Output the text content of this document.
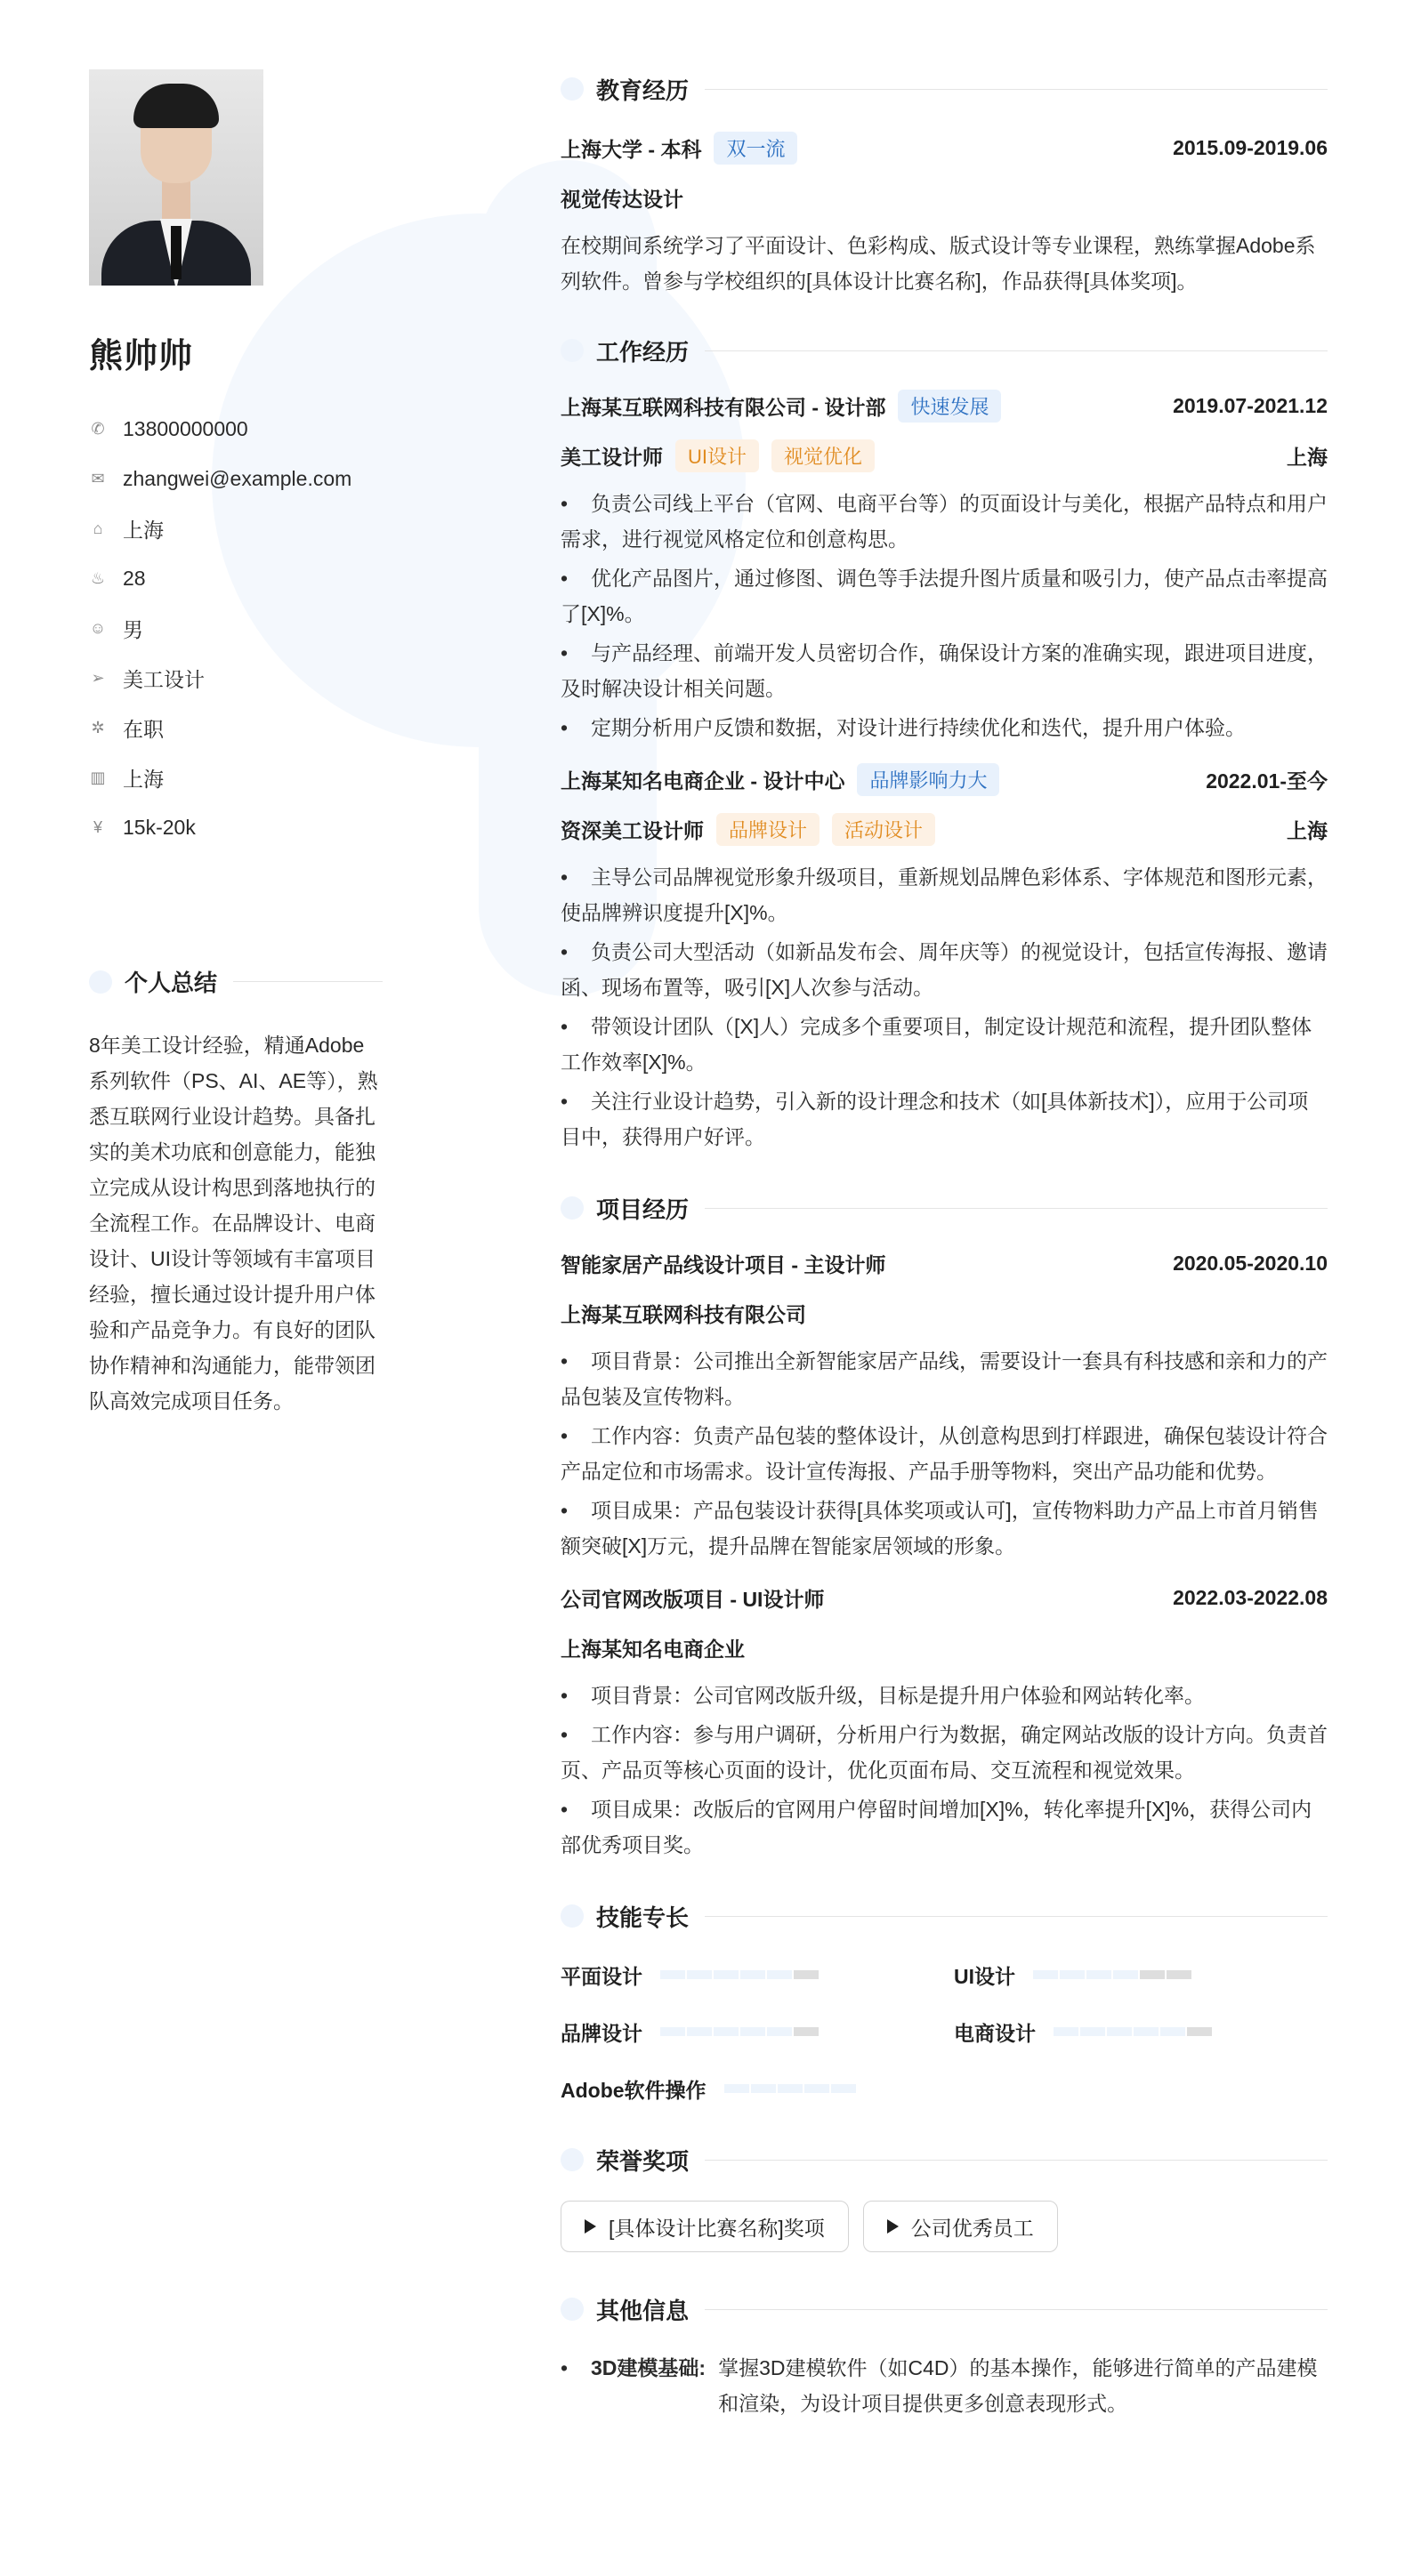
熊帅帅
✆ 13800000000
✉ zhangwei@example.com
⌂ 上海
♨ 28
☺ 男
➢ 美工设计
✲ 在职
▥ 上海
¥ 15k-20k
个人总结
8年美工设计经验，精通Adobe系列软件（PS、AI、AE等），熟悉互联网行业设计趋势。具备扎实的美术功底和创意能力，能独立完成从设计构思到落地执行的全流程工作。在品牌设计、电商设计、UI设计等领域有丰富项目经验，擅长通过设计提升用户体验和产品竞争力。有良好的团队协作精神和沟通能力，能带领团队高效完成项目任务。
教育经历
上海大学 - 本科	双一流	2015.09-2019.06
视觉传达设计
在校期间系统学习了平面设计、色彩构成、版式设计等专业课程，熟练掌握Adobe系列软件。曾参与学校组织的[具体设计比赛名称]，作品获得[具体奖项]。
工作经历
上海某互联网科技有限公司 - 设计部	快速发展	2019.07-2021.12
美工设计师	UI设计	视觉优化	上海
• 负责公司线上平台（官网、电商平台等）的页面设计与美化，根据产品特点和用户需求，进行视觉风格定位和创意构思。
• 优化产品图片，通过修图、调色等手法提升图片质量和吸引力，使产品点击率提高了[X]%。
• 与产品经理、前端开发人员密切合作，确保设计方案的准确实现，跟进项目进度，及时解决设计相关问题。
• 定期分析用户反馈和数据，对设计进行持续优化和迭代，提升用户体验。
上海某知名电商企业 - 设计中心	品牌影响力大	2022.01-至今
资深美工设计师	品牌设计	活动设计	上海
• 主导公司品牌视觉形象升级项目，重新规划品牌色彩体系、字体规范和图形元素，使品牌辨识度提升[X]%。
• 负责公司大型活动（如新品发布会、周年庆等）的视觉设计，包括宣传海报、邀请函、现场布置等，吸引[X]人次参与活动。
• 带领设计团队（[X]人）完成多个重要项目，制定设计规范和流程，提升团队整体工作效率[X]%。
• 关注行业设计趋势，引入新的设计理念和技术（如[具体新技术]），应用于公司项目中，获得用户好评。
项目经历
智能家居产品线设计项目 - 主设计师	2020.05-2020.10
上海某互联网科技有限公司
• 项目背景：公司推出全新智能家居产品线，需要设计一套具有科技感和亲和力的产品包装及宣传物料。
• 工作内容：负责产品包装的整体设计，从创意构思到打样跟进，确保包装设计符合产品定位和市场需求。设计宣传海报、产品手册等物料，突出产品功能和优势。
• 项目成果：产品包装设计获得[具体奖项或认可]，宣传物料助力产品上市首月销售额突破[X]万元，提升品牌在智能家居领域的形象。
公司官网改版项目 - UI设计师	2022.03-2022.08
上海某知名电商企业
• 项目背景：公司官网改版升级，目标是提升用户体验和网站转化率。
• 工作内容：参与用户调研，分析用户行为数据，确定网站改版的设计方向。负责首页、产品页等核心页面的设计，优化页面布局、交互流程和视觉效果。
• 项目成果：改版后的官网用户停留时间增加[X]%，转化率提升[X]%，获得公司内部优秀项目奖。
技能专长
平面设计	UI设计
品牌设计	电商设计
Adobe软件操作
荣誉奖项
[具体设计比赛名称]奖项	公司优秀员工
其他信息
• 3D建模基础: 掌握3D建模软件（如C4D）的基本操作，能够进行简单的产品建模和渲染，为设计项目提供更多创意表现形式。
